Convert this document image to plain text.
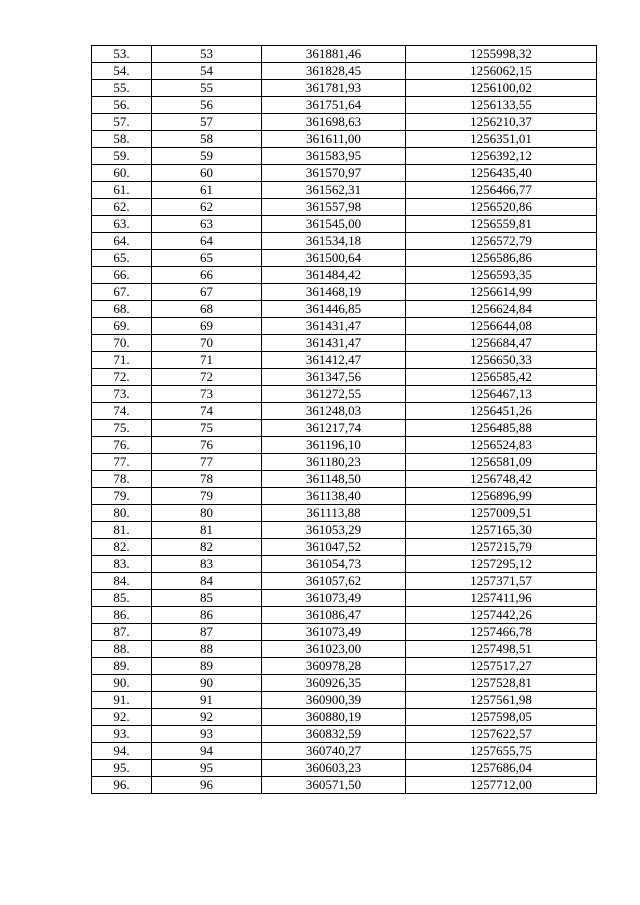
53.	53	361881,46	1255998,32
54.	54	361828,45	1256062,15
55.	55	361781,93	1256100,02
56.	56	361751,64	1256133,55
57.	57	361698,63	1256210,37
58.	58	361611,00	1256351,01
59.	59	361583,95	1256392,12
60.	60	361570,97	1256435,40
61.	61	361562,31	1256466,77
62.	62	361557,98	1256520,86
63.	63	361545,00	1256559,81
64.	64	361534,18	1256572,79
65.	65	361500,64	1256586,86
66.	66	361484,42	1256593,35
67.	67	361468,19	1256614,99
68.	68	361446,85	1256624,84
69.	69	361431,47	1256644,08
70.	70	361431,47	1256684,47
71.	71	361412,47	1256650,33
72.	72	361347,56	1256585,42
73.	73	361272,55	1256467,13
74.	74	361248,03	1256451,26
75.	75	361217,74	1256485,88
76.	76	361196,10	1256524,83
77.	77	361180,23	1256581,09
78.	78	361148,50	1256748,42
79.	79	361138,40	1256896,99
80.	80	361113,88	1257009,51
81.	81	361053,29	1257165,30
82.	82	361047,52	1257215,79
83.	83	361054,73	1257295,12
84.	84	361057,62	1257371,57
85.	85	361073,49	1257411,96
86.	86	361086,47	1257442,26
87.	87	361073,49	1257466,78
88.	88	361023,00	1257498,51
89.	89	360978,28	1257517,27
90.	90	360926,35	1257528,81
91.	91	360900,39	1257561,98
92.	92	360880,19	1257598,05
93.	93	360832,59	1257622,57
94.	94	360740,27	1257655,75
95.	95	360603,23	1257686,04
96.	96	360571,50	1257712,00
